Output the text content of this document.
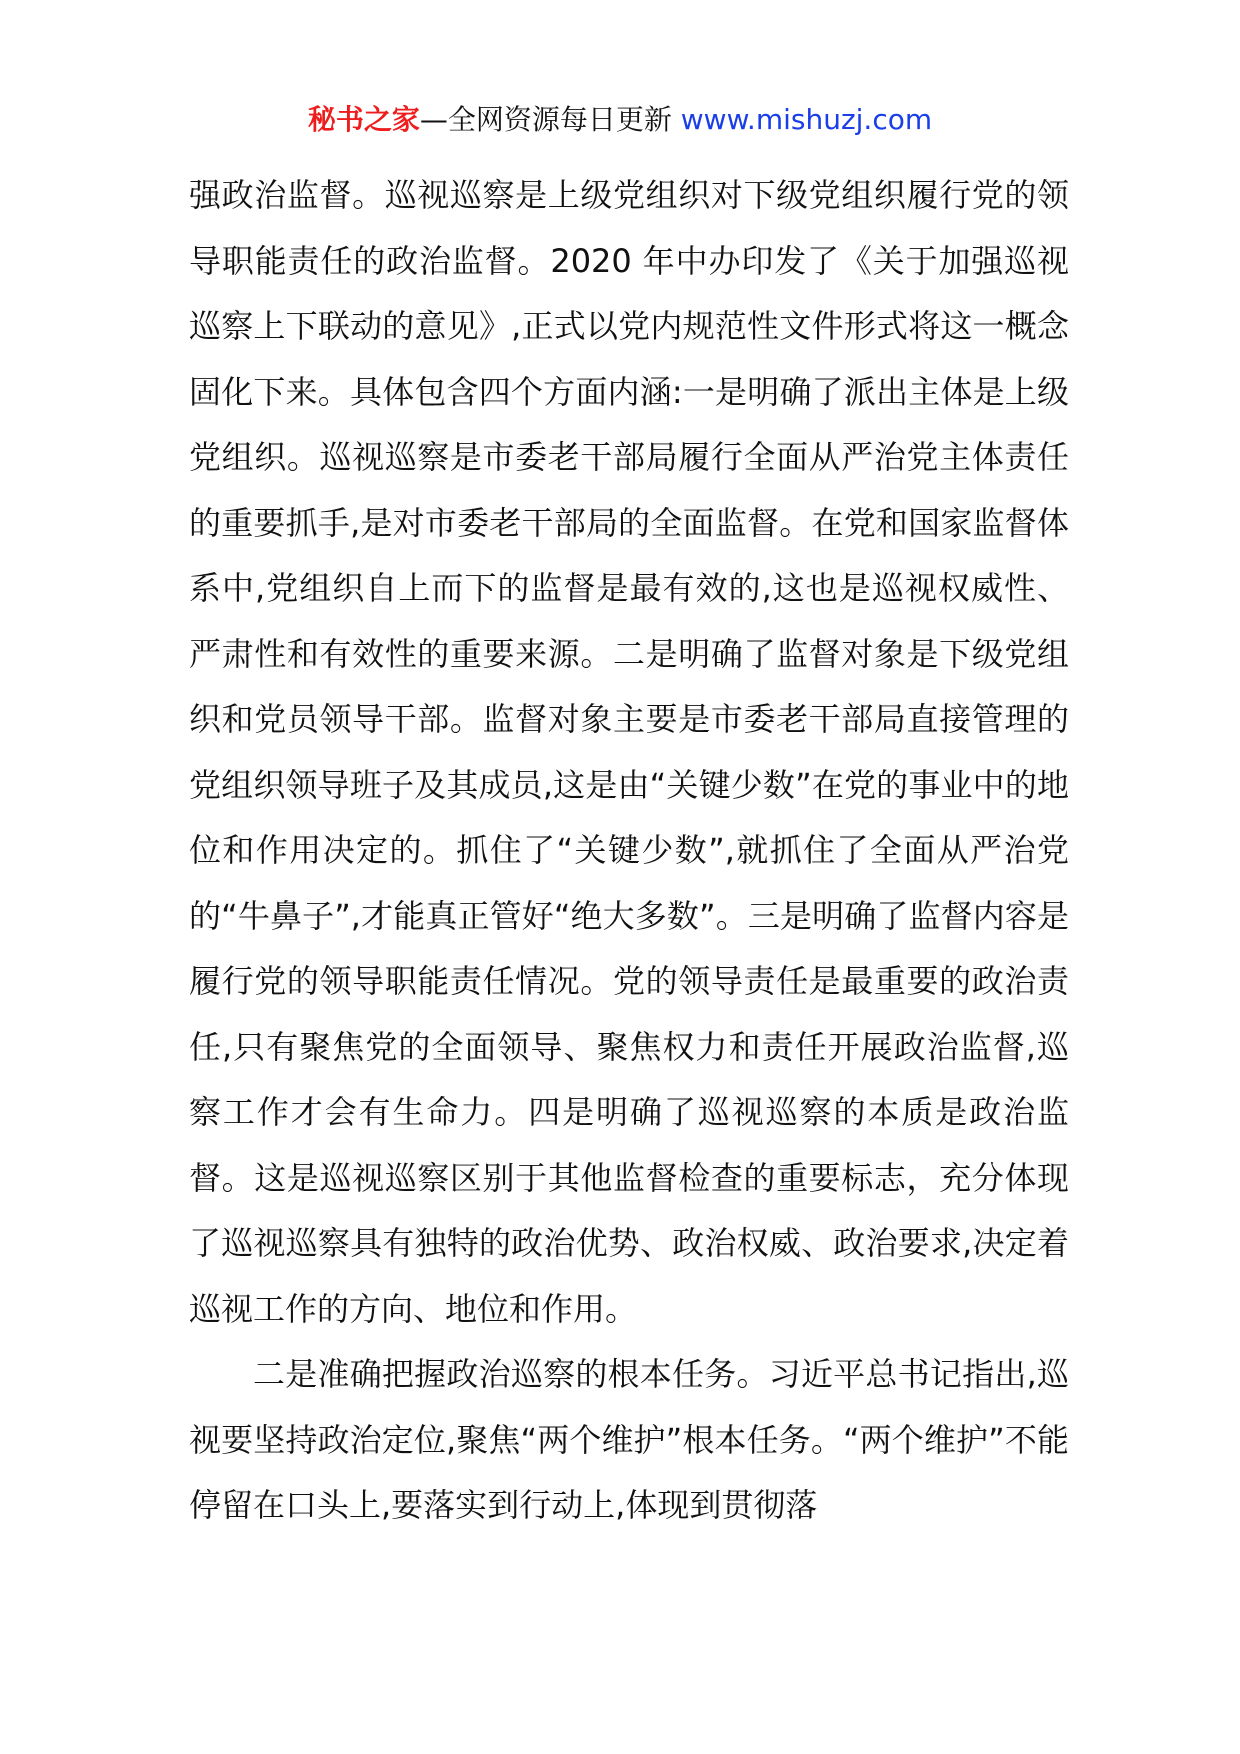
秘书之家—全网资源每日更新 www.mishuzj.com

强政治监督。巡视巡察是上级党组织对下级党组织履行党的领导职能责任的政治监督。2020 年中办印发了《关于加强巡视巡察上下联动的意见》,正式以党内规范性文件形式将这一概念固化下来。具体包含四个方面内涵:一是明确了派出主体是上级党组织。巡视巡察是市委老干部局履行全面从严治党主体责任的重要抓手,是对市委老干部局的全面监督。在党和国家监督体系中,党组织自上而下的监督是最有效的,这也是巡视权威性、严肃性和有效性的重要来源。二是明确了监督对象是下级党组织和党员领导干部。监督对象主要是市委老干部局直接管理的党组织领导班子及其成员,这是由“关键少数”在党的事业中的地位和作用决定的。抓住了“关键少数”,就抓住了全面从严治党的“牛鼻子”,才能真正管好“绝大多数”。三是明确了监督内容是履行党的领导职能责任情况。党的领导责任是最重要的政治责任,只有聚焦党的全面领导、聚焦权力和责任开展政治监督,巡察工作才会有生命力。四是明确了巡视巡察的本质是政治监督。这是巡视巡察区别于其他监督检查的重要标志，充分体现了巡视巡察具有独特的政治优势、政治权威、政治要求,决定着巡视工作的方向、地位和作用。

二是准确把握政治巡察的根本任务。习近平总书记指出,巡视要坚持政治定位,聚焦“两个维护”根本任务。“两个维护”不能停留在口头上,要落实到行动上,体现到贯彻落
